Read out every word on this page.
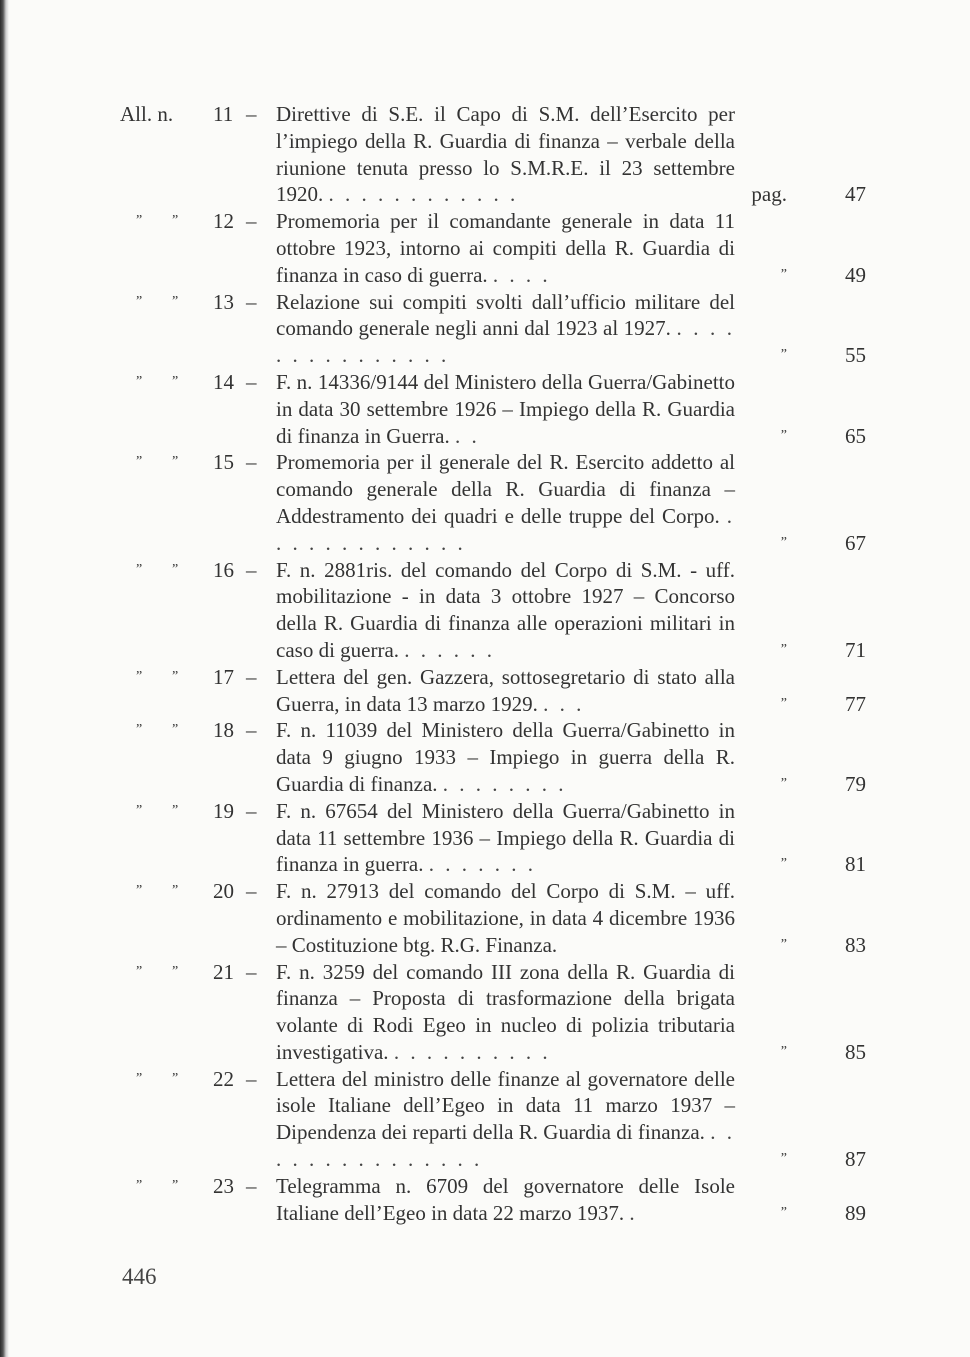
All. n. 11 – Direttive di S.E. il Capo di S.M. dell’Esercito per l’impiego della R. Guardia di finanza – verbale della riunione tenuta presso lo S.M.R.E. il 23 settembre 1920. . . . . . . . . . . . .	pag.	47
” ” 12 – Promemoria per il comandante generale in data 11 ottobre 1923, intorno ai compiti della R. Guardia di finanza in caso di guerra. . . . .	”	49
” ” 13 – Relazione sui compiti svolti dall’ufficio militare del comando generale negli anni dal 1923 al 1927. . . . . . . . . . . . . . . .	”	55
” ” 14 – F. n. 14336/9144 del Ministero della Guerra/Gabinetto in data 30 settembre 1926 – Impiego della R. Guardia di finanza in Guerra. . .	”	65
” ” 15 – Promemoria per il generale del R. Esercito addetto al comando generale della R. Guardia di finanza – Addestramento dei quadri e delle truppe del Corpo. . . . . . . . . . . . . .	”	67
” ” 16 – F. n. 2881ris. del comando del Corpo di S.M. - uff. mobilitazione - in data 3 ottobre 1927 – Concorso della R. Guardia di finanza alle operazioni militari in caso di guerra. . . . . . .	”	71
” ” 17 – Lettera del gen. Gazzera, sottosegretario di stato alla Guerra, in data 13 marzo 1929. . . .	”	77
” ” 18 – F. n. 11039 del Ministero della Guerra/Gabinetto in data 9 giugno 1933 – Impiego in guerra della R. Guardia di finanza. . . . . . . . .	”	79
” ” 19 – F. n. 67654 del Ministero della Guerra/Gabinetto in data 11 settembre 1936 – Impiego della R. Guardia di finanza in guerra. . . . . . . .	”	81
” ” 20 – F. n. 27913 del comando del Corpo di S.M. – uff. ordinamento e mobilitazione, in data 4 dicembre 1936 – Costituzione btg. R.G. Finanza.	”	83
” ” 21 – F. n. 3259 del comando III zona della R. Guardia di finanza – Proposta di trasformazione della brigata volante di Rodi Egeo in nucleo di polizia tributaria investigativa. . . . . . . . . . .	”	85
” ” 22 – Lettera del ministro delle finanze al governatore delle isole Italiane dell’Egeo in data 11 marzo 1937 – Dipendenza dei reparti della R. Guardia di finanza. . . . . . . . . . . . . . . .	”	87
” ” 23 – Telegramma n. 6709 del governatore delle Isole Italiane dell’Egeo in data 22 marzo 1937. .	”	89
446
